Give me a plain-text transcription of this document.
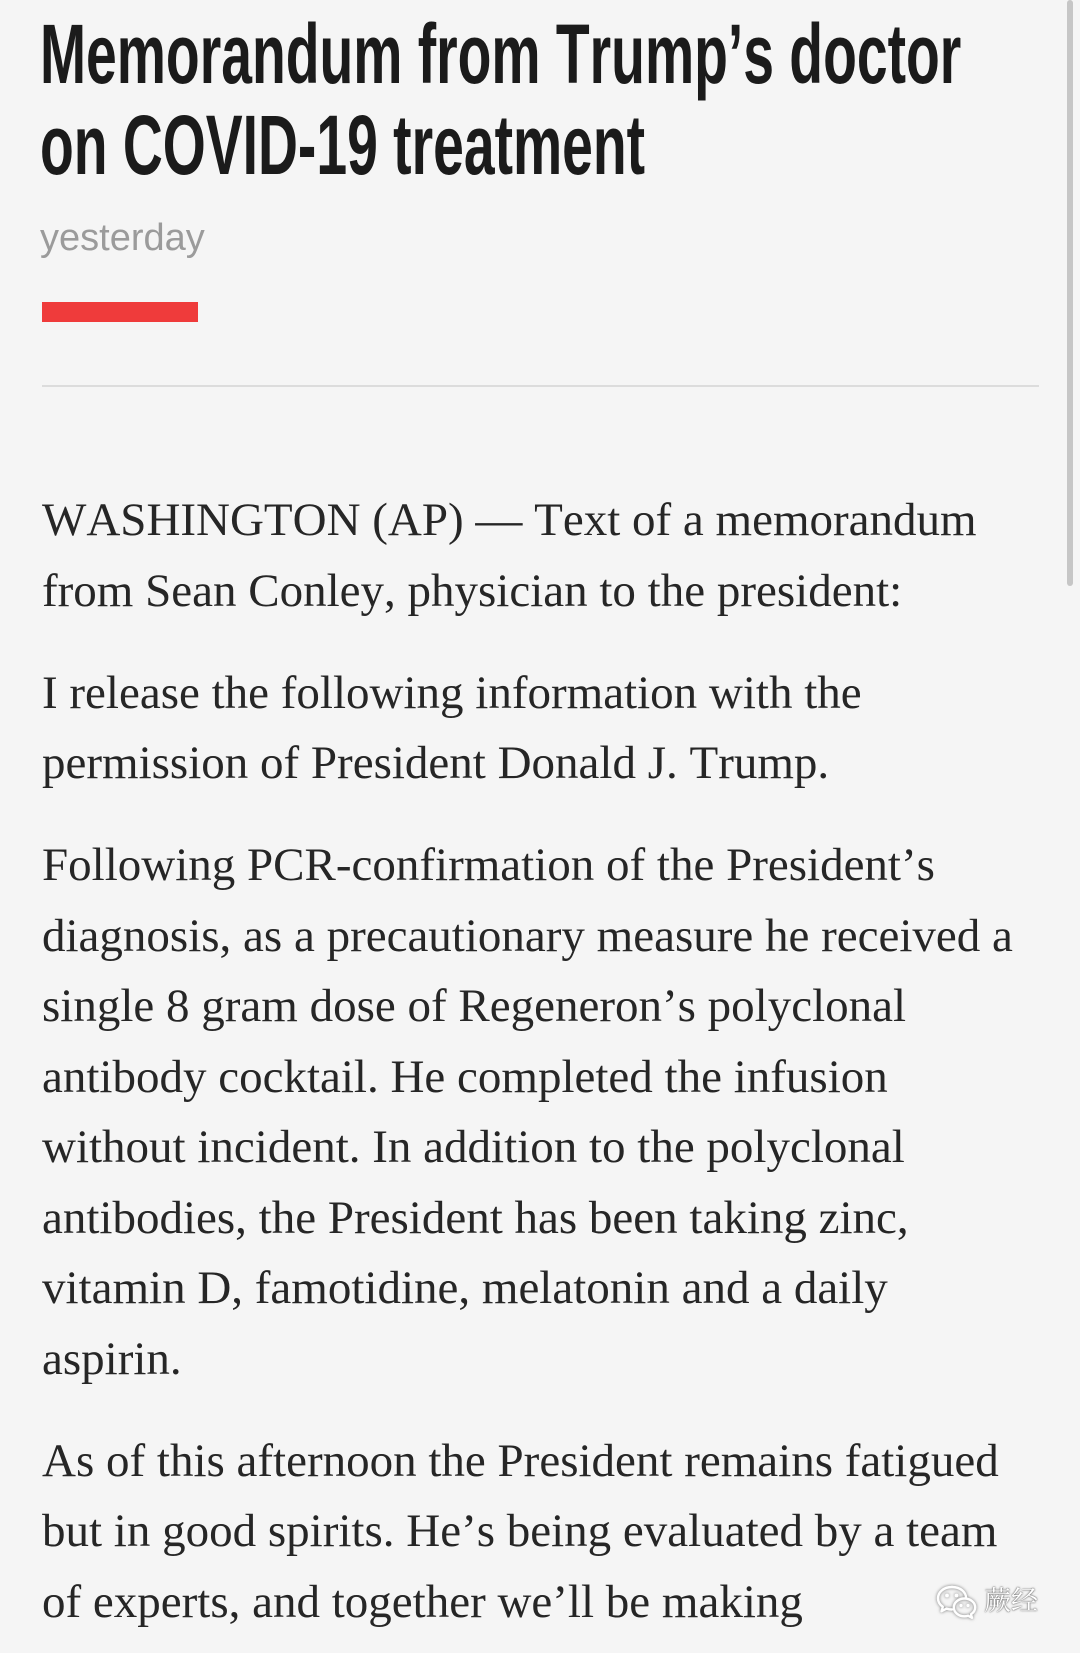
Memorandum from Trump’s doctor on COVID-19 treatment
yesterday

WASHINGTON (AP) — Text of a memorandum from Sean Conley, physician to the president:

I release the following information with the permission of President Donald J. Trump.

Following PCR-confirmation of the President’s diagnosis, as a precautionary measure he received a single 8 gram dose of Regeneron’s polyclonal antibody cocktail. He completed the infusion without incident. In addition to the polyclonal antibodies, the President has been taking zinc, vitamin D, famotidine, melatonin and a daily aspirin.

As of this afternoon the President remains fatigued but in good spirits. He’s being evaluated by a team of experts, and together we’ll be making	蕨经
